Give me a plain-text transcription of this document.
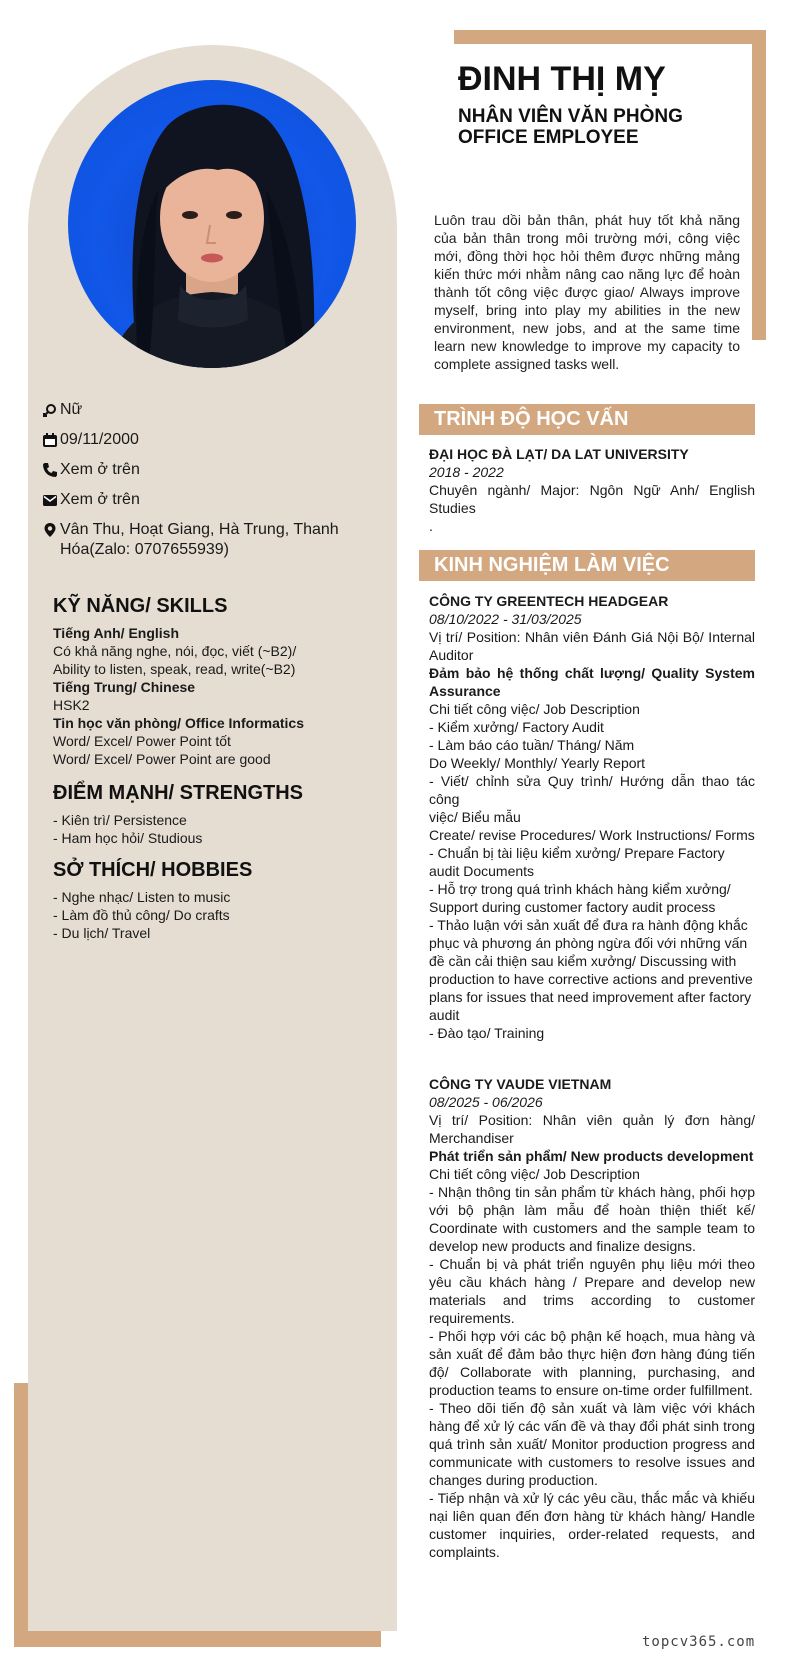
Nữ
09/11/2000
Xem ở trên
Xem ở trên
Vân Thu, Hoạt Giang, Hà Trung, Thanh Hóa(Zalo: 0707655939)
KỸ NĂNG/ SKILLS
Tiếng Anh/ English
Có khả năng nghe, nói, đọc, viết (~B2)/
Ability to listen, speak, read, write(~B2)
Tiếng Trung/ Chinese
HSK2
Tin học văn phòng/ Office Informatics
Word/ Excel/ Power Point tốt
Word/ Excel/ Power Point are good
ĐIỂM MẠNH/ STRENGTHS
- Kiên trì/ Persistence
- Ham học hỏi/ Studious
SỞ THÍCH/ HOBBIES
- Nghe nhạc/ Listen to music
- Làm đồ thủ công/ Do crafts
- Du lịch/ Travel
ĐINH THỊ MỴ
NHÂN VIÊN VĂN PHÒNG
OFFICE EMPLOYEE
Luôn trau dồi bản thân, phát huy tốt khả năng của bản thân trong môi trường mới, công việc mới, đồng thời học hỏi thêm được những mảng kiến thức mới nhằm nâng cao năng lực để hoàn thành tốt công việc được giao/ Always improve myself, bring into play my abilities in the new environment, new jobs, and at the same time learn new knowledge to improve my capacity to complete assigned tasks well.
TRÌNH ĐỘ HỌC VẤN
ĐẠI HỌC ĐÀ LẠT/ DA LAT UNIVERSITY
2018 - 2022
Chuyên ngành/ Major: Ngôn Ngữ Anh/ English Studies
.
KINH NGHIỆM LÀM VIỆC
CÔNG TY GREENTECH HEADGEAR
08/10/2022 - 31/03/2025
Vị trí/ Position: Nhân viên Đánh Giá Nội Bộ/ Internal Auditor
Đảm bảo hệ thống chất lượng/ Quality System Assurance
Chi tiết công việc/ Job Description
- Kiểm xưởng/ Factory Audit
- Làm báo cáo tuần/ Tháng/ Năm
Do Weekly/ Monthly/ Yearly Report
- Viết/ chỉnh sửa Quy trình/ Hướng dẫn thao tác công
việc/ Biểu mẫu
Create/ revise Procedures/ Work Instructions/ Forms
- Chuẩn bị tài liệu kiểm xưởng/ Prepare Factory audit Documents
- Hỗ trợ trong quá trình khách hàng kiểm xưởng/ Support during customer factory audit process
- Thảo luận với sản xuất để đưa ra hành động khắc phục và phương án phòng ngừa đối với những vấn đề cần cải thiện sau kiểm xưởng/ Discussing with production to have corrective actions and preventive plans for issues that need improvement after factory audit
- Đào tạo/ Training
CÔNG TY VAUDE VIETNAM
08/2025 - 06/2026
Vị trí/ Position: Nhân viên quản lý đơn hàng/ Merchandiser
Phát triển sản phẩm/ New products development
Chi tiết công việc/ Job Description
- Nhận thông tin sản phẩm từ khách hàng, phối hợp với bộ phận làm mẫu để hoàn thiện thiết kế/ Coordinate with customers and the sample team to develop new products and finalize designs.
- Chuẩn bị và phát triển nguyên phụ liệu mới theo yêu cầu khách hàng / Prepare and develop new materials and trims according to customer requirements.
- Phối hợp với các bộ phận kế hoạch, mua hàng và sản xuất để đảm bảo thực hiện đơn hàng đúng tiến độ/ Collaborate with planning, purchasing, and production teams to ensure on-time order fulfillment.
- Theo dõi tiến độ sản xuất và làm việc với khách hàng để xử lý các vấn đề và thay đổi phát sinh trong quá trình sản xuất/ Monitor production progress and communicate with customers to resolve issues and changes during production.
- Tiếp nhận và xử lý các yêu cầu, thắc mắc và khiếu nại liên quan đến đơn hàng từ khách hàng/ Handle customer inquiries, order-related requests, and complaints.
topcv365.com
